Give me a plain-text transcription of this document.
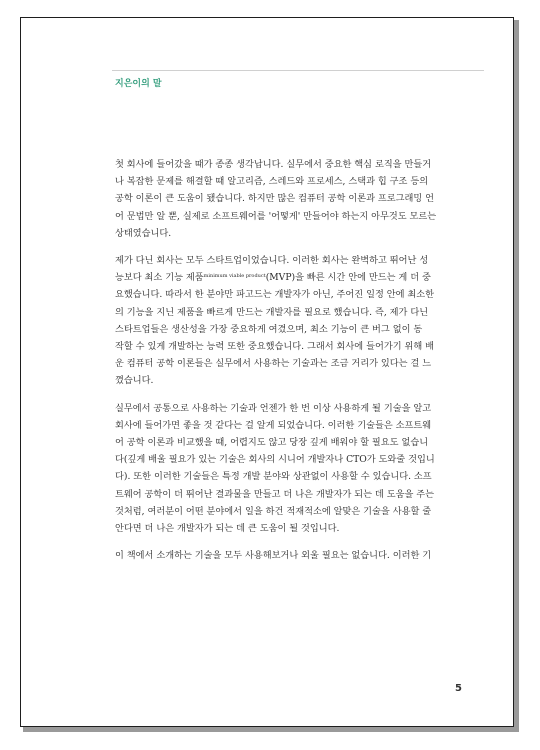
지은이의 말

첫 회사에 들어갔을 때가 종종 생각납니다. 실무에서 중요한 핵심 로직을 만들거
나 복잡한 문제를 해결할 때 알고리즘, 스레드와 프로세스, 스택과 힙 구조 등의
공학 이론이 큰 도움이 됐습니다. 하지만 많은 컴퓨터 공학 이론과 프로그래밍 언
어 문법만 알 뿐, 실제로 소프트웨어를 '어떻게' 만들어야 하는지 아무것도 모르는
상태였습니다.

제가 다닌 회사는 모두 스타트업이었습니다. 이러한 회사는 완벽하고 뛰어난 성
능보다 최소 기능 제품$^{minimum viable product}$(MVP)을 빠른 시간 안에 만드는 게 더 중
요했습니다. 따라서 한 분야만 파고드는 개발자가 아닌, 주어진 일정 안에 최소한
의 기능을 지닌 제품을 빠르게 만드는 개발자를 필요로 했습니다. 즉, 제가 다닌
스타트업들은 생산성을 가장 중요하게 여겼으며, 최소 기능이 큰 버그 없이 동
작할 수 있게 개발하는 능력 또한 중요했습니다. 그래서 회사에 들어가기 위해 배
운 컴퓨터 공학 이론들은 실무에서 사용하는 기술과는 조금 거리가 있다는 걸 느
꼈습니다.

실무에서 공통으로 사용하는 기술과 언젠가 한 번 이상 사용하게 될 기술을 알고
회사에 들어가면 좋을 것 같다는 걸 알게 되었습니다. 이러한 기술들은 소프트웨
어 공학 이론과 비교했을 때, 어렵지도 않고 당장 깊게 배워야 할 필요도 없습니
다(깊게 배울 필요가 있는 기술은 회사의 시니어 개발자나 CTO가 도와줄 것입니
다). 또한 이러한 기술들은 특정 개발 분야와 상관없이 사용할 수 있습니다. 소프
트웨어 공학이 더 뛰어난 결과물을 만들고 더 나은 개발자가 되는 데 도움을 주는
것처럼, 여러분이 어떤 분야에서 일을 하건 적재적소에 알맞은 기술을 사용할 줄
안다면 더 나은 개발자가 되는 데 큰 도움이 될 것입니다.

이 책에서 소개하는 기술을 모두 사용해보거나 외울 필요는 없습니다. 이러한 기

5
